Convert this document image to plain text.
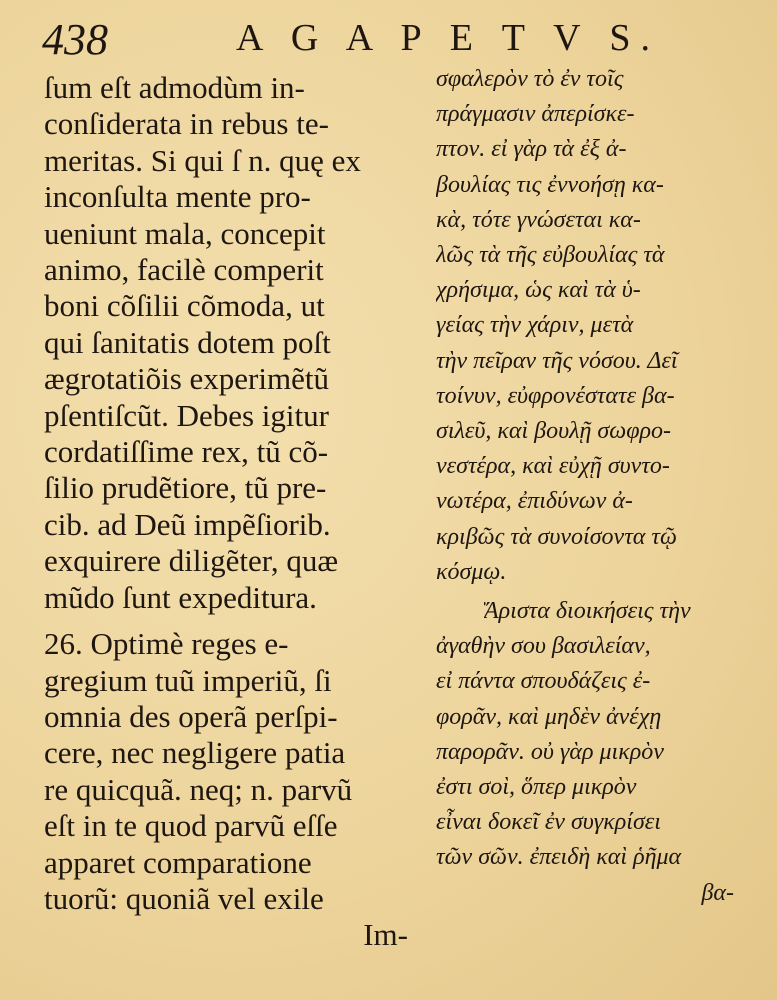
438	A G A P E T V S.
ſum eſt admodùm in-
conſiderata in rebus te-
meritas. Si qui ſ n. quę ex
inconſulta mente pro-
ueniunt mala, concepit
animo, facilè comperit
boni cõſilii cõmoda, ut
qui ſanitatis dotem poſt
ægrotatiõis experimẽtũ
pſentiſcũt. Debes igitur
cordatiſſime rex, tũ cõ-
ſilio prudẽtiore, tũ pre-
cib. ad Deũ impẽſiorib.
exquirere diligẽter, quæ
mũdo ſunt expeditura.
26. Optimè reges e-
gregium tuũ imperiũ, ſi
omnia des operã perſpi-
cere, nec negligere patia
re quicquã. neq; n. parvũ
eſt in te quod parvũ eſſe
apparet comparatione
tuorũ: quoniã vel exile
Im-
σφαλερὸν τὸ ἐν τοῖς
πράγμασιν ἀπερίσκε-
πτον. εἰ γὰρ τὰ ἐξ ἀ-
βουλίας τις ἐννοήσῃ κα-
κὰ, τότε γνώσεται κα-
λῶς τὰ τῆς εὐβουλίας τὰ
χρήσιμα, ὡς καὶ τὰ ὑ-
γείας τὴν χάριν, μετὰ
τὴν πεῖραν τῆς νόσου. Δεῖ
τοίνυν, εὐφρονέστατε βα-
σιλεῦ, καὶ βουλῇ σωφρο-
νεστέρα, καὶ εὐχῇ συντο-
νωτέρα, ἐπιδύνων ἀ-
κριβῶς τὰ συνοίσοντα τῷ
κόσμῳ.
Ἄριστα διοικήσεις τὴν
ἀγαθὴν σου βασιλείαν,
εἰ πάντα σπουδάζεις ἐ-
φορᾶν, καὶ μηδὲν ἀνέχῃ
παρορᾶν. οὐ γὰρ μικρὸν
ἐστι σοὶ, ὅπερ μικρὸν
εἶναι δοκεῖ ἐν συγκρίσει
τῶν σῶν. ἐπειδὴ καὶ ῥῆμα
βα-
